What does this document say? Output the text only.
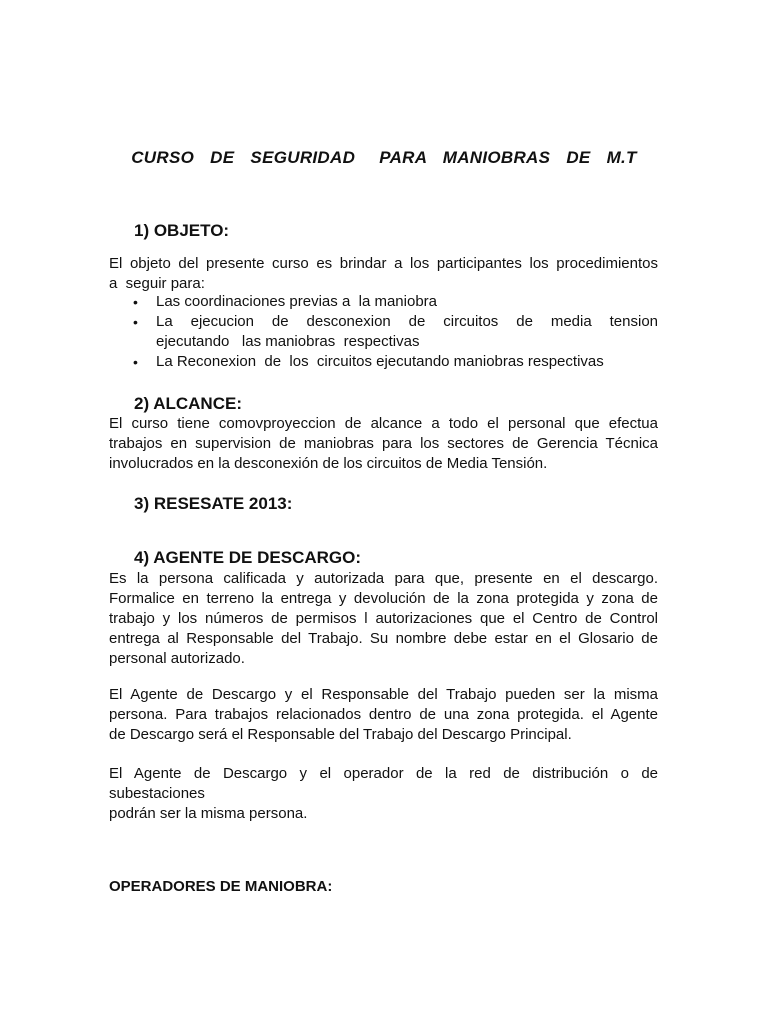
CURSO  DE  SEGURIDAD   PARA  MANIOBRAS  DE  M.T
1) OBJETO:
El objeto del presente curso es brindar a los participantes los procedimientos
a  seguir para:
• Las coordinaciones previas a  la maniobra
• La ejecucion de desconexion de circuitos de media tension
ejecutando   las maniobras  respectivas
• La Reconexion  de  los  circuitos ejecutando maniobras respectivas
2) ALCANCE:
El curso tiene comovproyeccion de alcance a todo el personal que efectua
trabajos en supervision de maniobras para los sectores de Gerencia Técnica
involucrados en la desconexión de los circuitos de Media Tensión.
3) RESESATE 2013:
4) AGENTE DE DESCARGO:
Es la persona calificada y autorizada para que, presente en el descargo.
Formalice en terreno la entrega y devolución de la zona protegida y zona de
trabajo y los números de permisos l autorizaciones que el Centro de Control
entrega al Responsable del Trabajo. Su nombre debe estar en el Glosario de
personal autorizado.
El Agente de Descargo y el Responsable del Trabajo pueden ser la misma
persona. Para trabajos relacionados dentro de una zona protegida. el Agente
de Descargo será el Responsable del Trabajo del Descargo Principal.
El Agente de Descargo y el operador de la red de distribución o de
subestaciones
podrán ser la misma persona.
OPERADORES DE MANIOBRA:
